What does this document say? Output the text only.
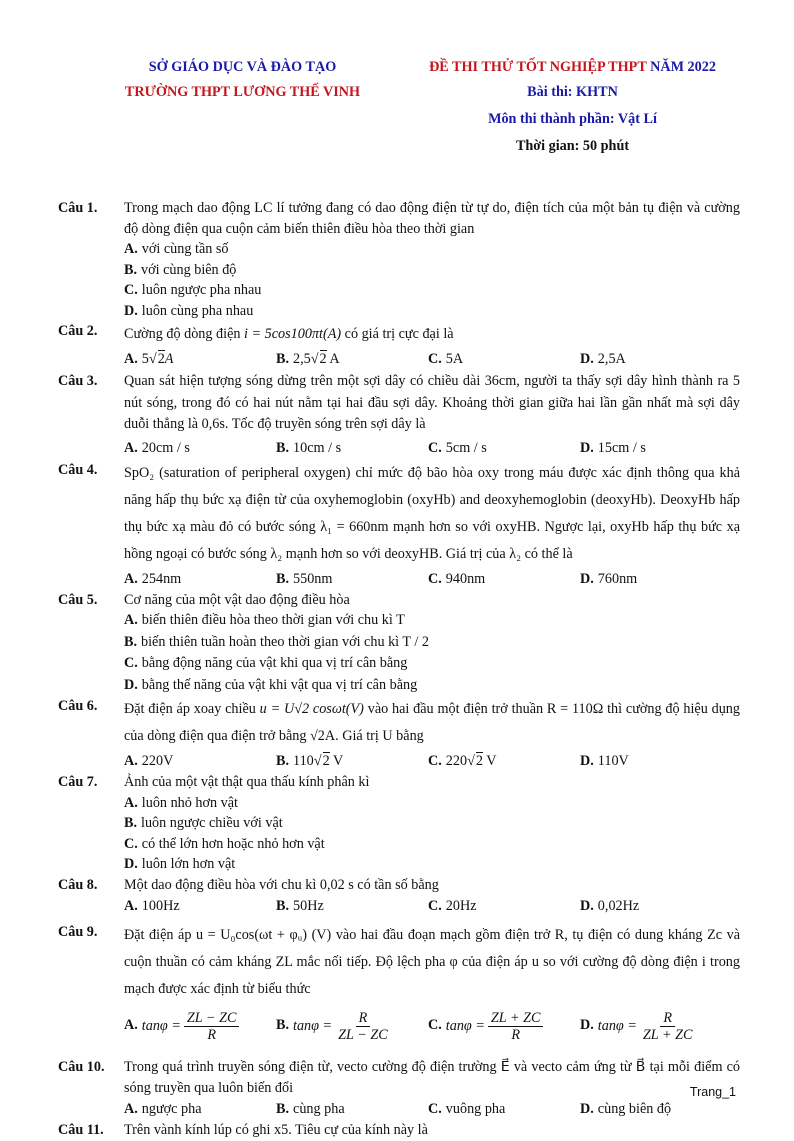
SỞ GIÁO DỤC VÀ ĐÀO TẠO
TRƯỜNG THPT LƯƠNG THẾ VINH
ĐỀ THI THỬ TỐT NGHIỆP THPT NĂM 2022
Bài thi: KHTN
Môn thi thành phần: Vật Lí
Thời gian: 50 phút
Câu 1. Trong mạch dao động LC lí tưởng đang có dao động điện từ tự do, điện tích của một bản tụ điện và cường độ dòng điện qua cuộn cảm biến thiên điều hòa theo thời gian
A. với cùng tần số
B. với cùng biên độ
C. luôn ngược pha nhau
D. luôn cùng pha nhau
Câu 2. Cường độ dòng điện i = 5cos100πt(A) có giá trị cực đại là
A. 5√2A	B. 2,5√2 A	C. 5A	D. 2,5A
Câu 3. Quan sát hiện tượng sóng dừng trên một sợi dây có chiều dài 36cm, người ta thấy sợi dây hình thành ra 5 nút sóng, trong đó có hai nút nằm tại hai đầu sợi dây. Khoảng thời gian giữa hai lần gần nhất mà sợi dây duỗi thẳng là 0,6s. Tốc độ truyền sóng trên sợi dây là
A. 20cm / s	B. 10cm / s	C. 5cm / s	D. 15cm / s
Câu 4. SpO₂ (saturation of peripheral oxygen) chỉ mức độ bão hòa oxy trong máu được xác định thông qua khả năng hấp thụ bức xạ điện từ của oxyhemoglobin (oxyHb) and deoxyhemoglobin (deoxyHb). DeoxyHb hấp thụ bức xạ màu đỏ có bước sóng λ₁ = 660nm mạnh hơn so với oxyHB. Ngược lại, oxyHb hấp thụ bức xạ hồng ngoại có bước sóng λ₂ mạnh hơn so với deoxyHB. Giá trị của λ₂ có thể là
A. 254nm	B. 550nm	C. 940nm	D. 760nm
Câu 5. Cơ năng của một vật dao động điều hòa
A. biến thiên điều hòa theo thời gian với chu kì T
B. biến thiên tuần hoàn theo thời gian với chu kì T / 2
C. bằng động năng của vật khi qua vị trí cân bằng
D. bằng thế năng của vật khi vật qua vị trí cân bằng
Câu 6. Đặt điện áp xoay chiều u = U√2 cosωt(V) vào hai đầu một điện trở thuần R = 110Ω thì cường độ hiệu dụng của dòng điện qua điện trở bằng √2A. Giá trị U bằng
A. 220V	B. 110√2 V	C. 220√2 V	D. 110V
Câu 7. Ảnh của một vật thật qua thấu kính phân kì
A. luôn nhỏ hơn vật
B. luôn ngược chiều với vật
C. có thể lớn hơn hoặc nhỏ hơn vật
D. luôn lớn hơn vật
Câu 8. Một dao động điều hòa với chu kì 0,02 s có tần số bằng
A. 100Hz	B. 50Hz	C. 20Hz	D. 0,02Hz
Câu 9. Đặt điện áp u = U₀cos(ωt + φᵤ) (V) vào hai đầu đoạn mạch gồm điện trở R, tụ điện có dung kháng Zc và cuộn thuần có cảm kháng ZL mắc nối tiếp. Độ lệch pha φ của điện áp u so với cường độ dòng điện i trong mạch được xác định từ biểu thức
A. $\tan\varphi = \frac{ZL - ZC}{R}$	B. $\tan\varphi = \frac{R}{ZL - ZC}$	C. $\tan\varphi = \frac{ZL + ZC}{R}$	D. $\tan\varphi = \frac{R}{ZL + ZC}$
Câu 10. Trong quá trình truyền sóng điện từ, vecto cường độ điện trường E⃗ và vecto cảm ứng từ B⃗ tại mỗi điểm có sóng truyền qua luôn biến đổi
A. ngược pha	B. cùng pha	C. vuông pha	D. cùng biên độ
Câu 11. Trên vành kính lúp có ghi x5. Tiêu cự của kính này là
Trang_1
